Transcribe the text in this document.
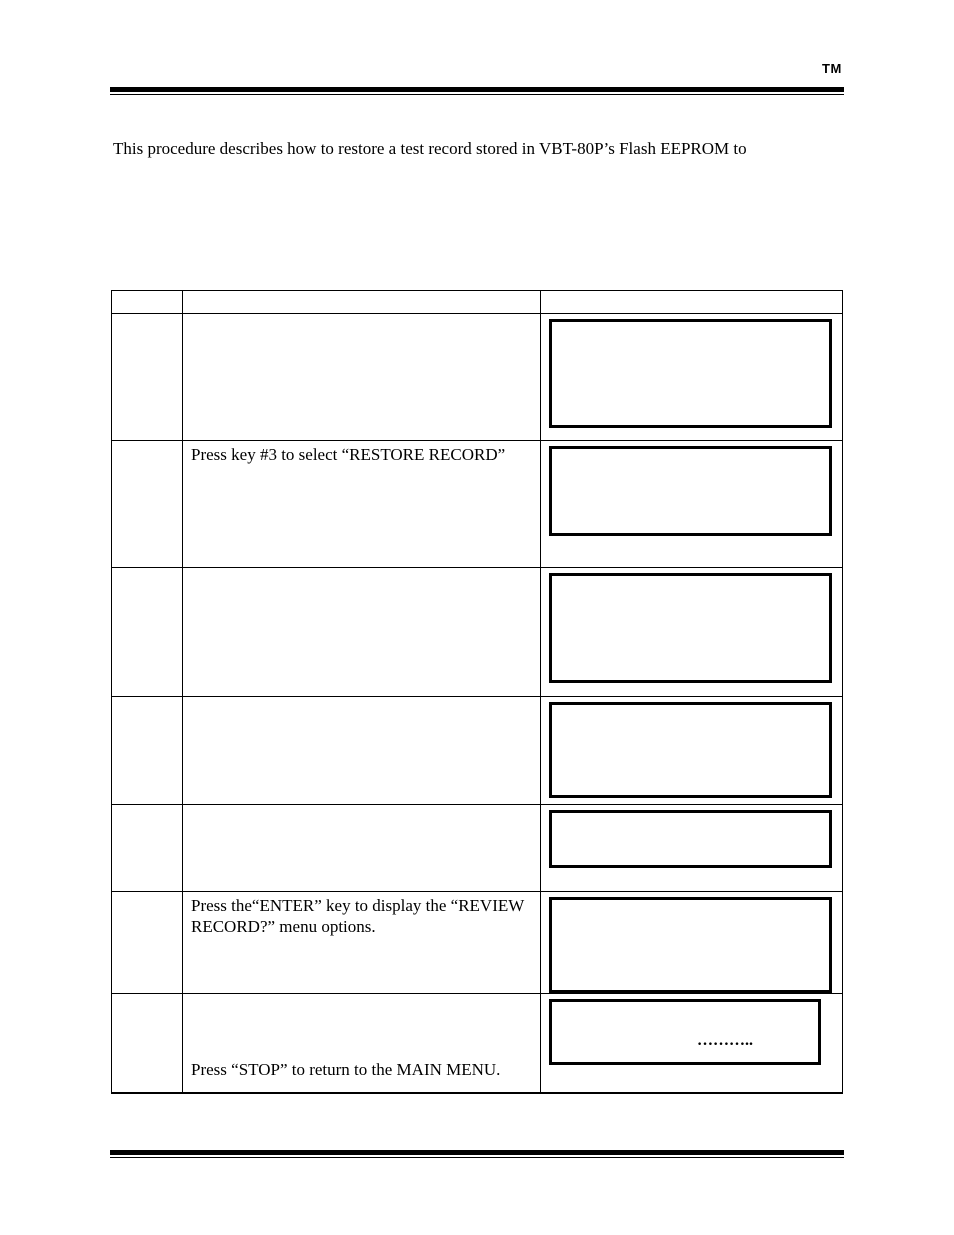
TM
This procedure describes how to restore a test record stored in VBT-80P’s Flash EEPROM to

	Press key #3 to select “RESTORE RECORD”	

	Press the“ENTER” key to display the “REVIEW RECORD?” menu options.	

	Press “STOP” to return to the MAIN MENU.	………..
